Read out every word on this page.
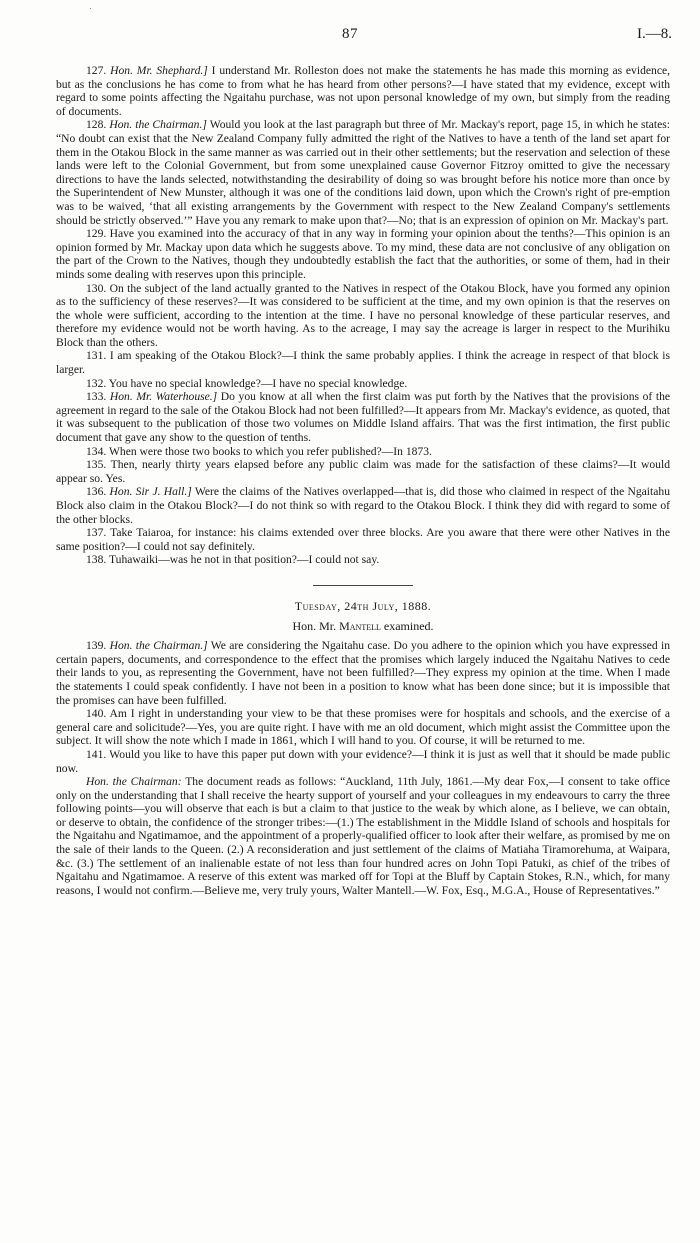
87	I.—8.

127. Hon. Mr. Shephard.] I understand Mr. Rolleston does not make the statements he has made this morning as evidence, but as the conclusions he has come to from what he has heard from other persons?—I have stated that my evidence, except with regard to some points affecting the Ngaitahu purchase, was not upon personal knowledge of my own, but simply from the reading of documents.

128. Hon. the Chairman.] Would you look at the last paragraph but three of Mr. Mackay's report, page 15, in which he states: “No doubt can exist that the New Zealand Company fully admitted the right of the Natives to have a tenth of the land set apart for them in the Otakou Block in the same manner as was carried out in their other settlements; but the reservation and selection of these lands were left to the Colonial Government, but from some unexplained cause Governor Fitzroy omitted to give the necessary directions to have the lands selected, notwithstanding the desirability of doing so was brought before his notice more than once by the Superintendent of New Munster, although it was one of the conditions laid down, upon which the Crown's right of pre-emption was to be waived, ‘that all existing arrangements by the Government with respect to the New Zealand Company's settlements should be strictly observed.’” Have you any remark to make upon that?—No; that is an expression of opinion on Mr. Mackay's part.

129. Have you examined into the accuracy of that in any way in forming your opinion about the tenths?—This opinion is an opinion formed by Mr. Mackay upon data which he suggests above. To my mind, these data are not conclusive of any obligation on the part of the Crown to the Natives, though they undoubtedly establish the fact that the authorities, or some of them, had in their minds some dealing with reserves upon this principle.

130. On the subject of the land actually granted to the Natives in respect of the Otakou Block, have you formed any opinion as to the sufficiency of these reserves?—It was considered to be sufficient at the time, and my own opinion is that the reserves on the whole were sufficient, according to the intention at the time. I have no personal knowledge of these particular reserves, and therefore my evidence would not be worth having. As to the acreage, I may say the acreage is larger in respect to the Murihiku Block than the others.

131. I am speaking of the Otakou Block?—I think the same probably applies. I think the acreage in respect of that block is larger.

132. You have no special knowledge?—I have no special knowledge.

133. Hon. Mr. Waterhouse.] Do you know at all when the first claim was put forth by the Natives that the provisions of the agreement in regard to the sale of the Otakou Block had not been fulfilled?—It appears from Mr. Mackay's evidence, as quoted, that it was subsequent to the publication of those two volumes on Middle Island affairs. That was the first intimation, the first public document that gave any show to the question of tenths.

134. When were those two books to which you refer published?—In 1873.

135. Then, nearly thirty years elapsed before any public claim was made for the satisfaction of these claims?—It would appear so. Yes.

136. Hon. Sir J. Hall.] Were the claims of the Natives overlapped—that is, did those who claimed in respect of the Ngaitahu Block also claim in the Otakou Block?—I do not think so with regard to the Otakou Block. I think they did with regard to some of the other blocks.

137. Take Taiaroa, for instance: his claims extended over three blocks. Are you aware that there were other Natives in the same position?—I could not say definitely.

138. Tuhawaiki—was he not in that position?—I could not say.

Tuesday, 24th July, 1888.

Hon. Mr. Mantell examined.

139. Hon. the Chairman.] We are considering the Ngaitahu case. Do you adhere to the opinion which you have expressed in certain papers, documents, and correspondence to the effect that the promises which largely induced the Ngaitahu Natives to cede their lands to you, as representing the Government, have not been fulfilled?—They express my opinion at the time. When I made the statements I could speak confidently. I have not been in a position to know what has been done since; but it is impossible that the promises can have been fulfilled.

140. Am I right in understanding your view to be that these promises were for hospitals and schools, and the exercise of a general care and solicitude?—Yes, you are quite right. I have with me an old document, which might assist the Committee upon the subject. It will show the note which I made in 1861, which I will hand to you. Of course, it will be returned to me.

141. Would you like to have this paper put down with your evidence?—I think it is just as well that it should be made public now.

Hon. the Chairman: The document reads as follows: “Auckland, 11th July, 1861.—My dear Fox,—I consent to take office only on the understanding that I shall receive the hearty support of yourself and your colleagues in my endeavours to carry the three following points—you will observe that each is but a claim to that justice to the weak by which alone, as I believe, we can obtain, or deserve to obtain, the confidence of the stronger tribes:—(1.) The establishment in the Middle Island of schools and hospitals for the Ngaitahu and Ngatimamoe, and the appointment of a properly-qualified officer to look after their welfare, as promised by me on the sale of their lands to the Queen. (2.) A reconsideration and just settlement of the claims of Matiaha Tiramorehuma, at Waipara, &c. (3.) The settlement of an inalienable estate of not less than four hundred acres on John Topi Patuki, as chief of the tribes of Ngaitahu and Ngatimamoe. A reserve of this extent was marked off for Topi at the Bluff by Captain Stokes, R.N., which, for many reasons, I would not confirm.—Believe me, very truly yours, Walter Mantell.—W. Fox, Esq., M.G.A., House of Representatives.”
